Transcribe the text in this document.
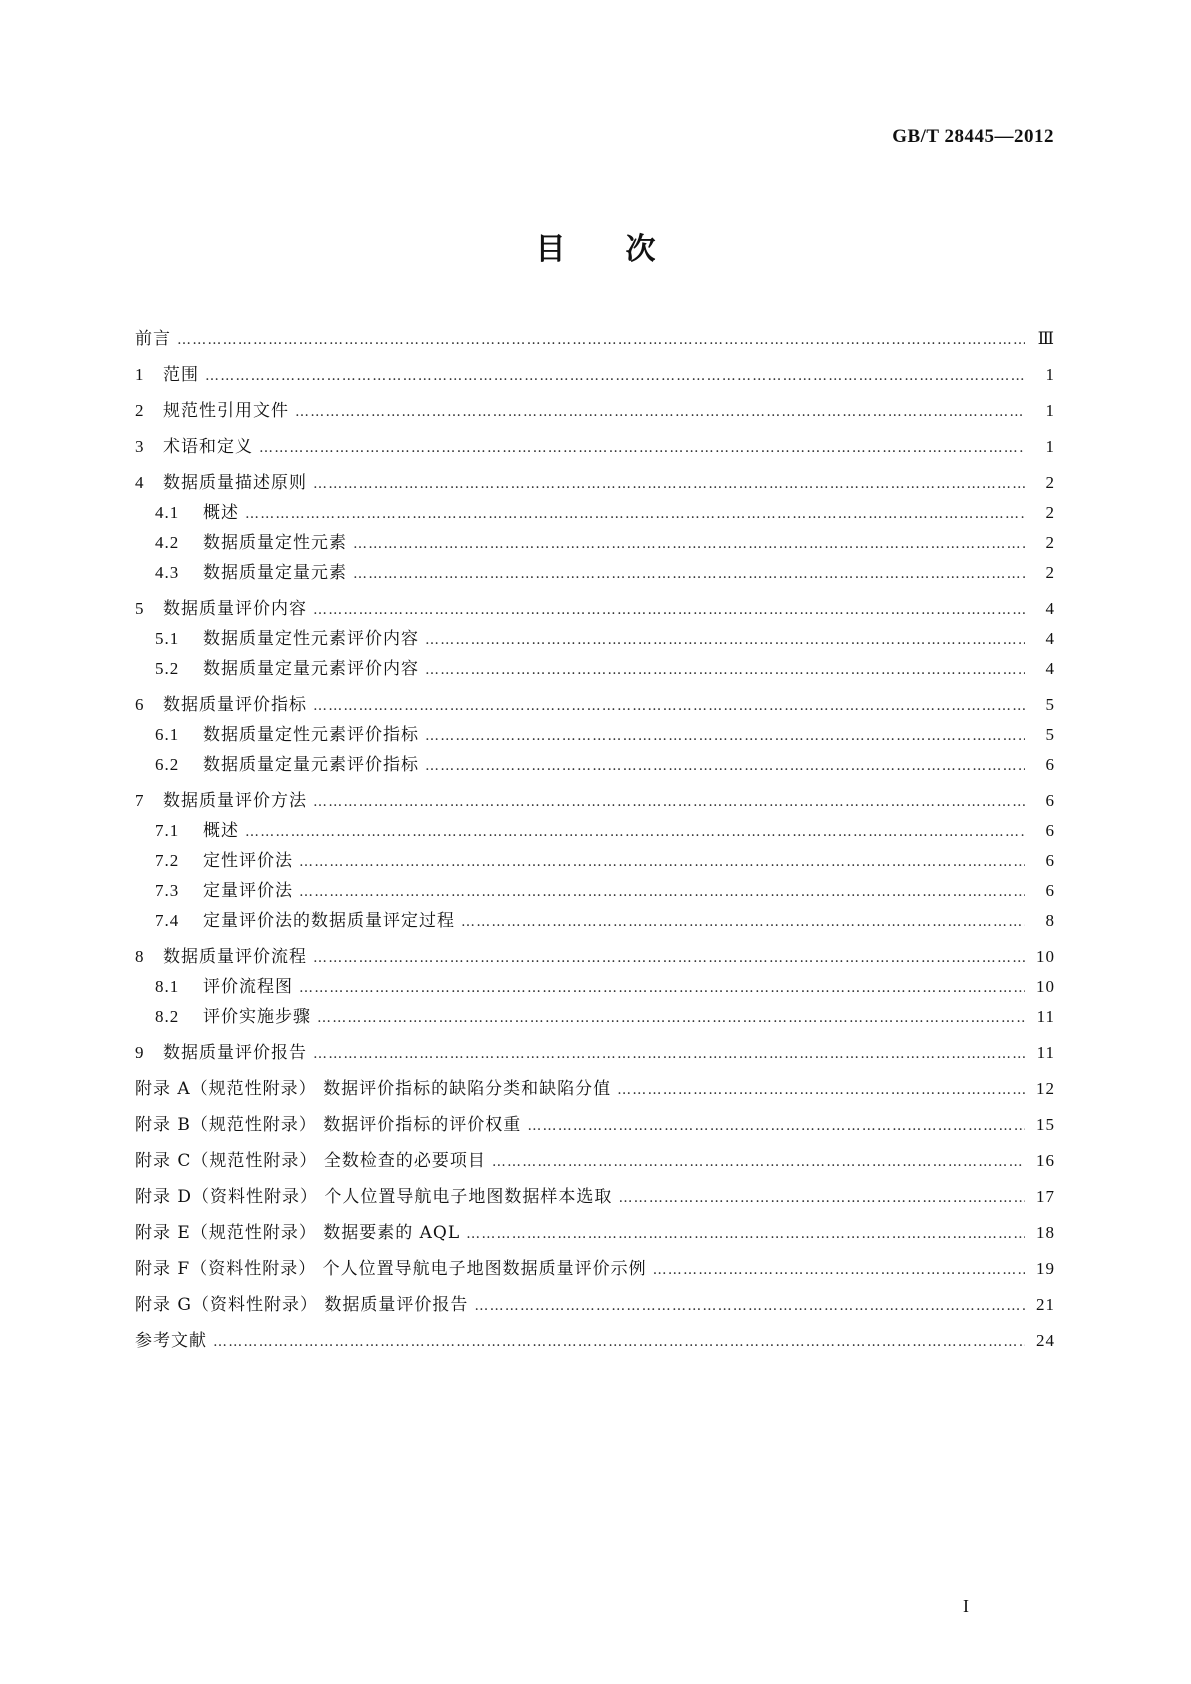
GB/T 28445—2012
目次
前言 ……………………………………………………………………………………………………………………………………………………	Ⅲ
1	范围 ……………………………………………………………………………………………………………………………………………………	1
2	规范性引用文件 ……………………………………………………………………………………………………………………………………………………	1
3	术语和定义 ……………………………………………………………………………………………………………………………………………………	1
4	数据质量描述原则 ……………………………………………………………………………………………………………………………………………………	2
4.1	概述 ……………………………………………………………………………………………………………………………………………………	2
4.2	数据质量定性元素 ……………………………………………………………………………………………………………………………………………………	2
4.3	数据质量定量元素 ……………………………………………………………………………………………………………………………………………………	2
5	数据质量评价内容 ……………………………………………………………………………………………………………………………………………………	4
5.1	数据质量定性元素评价内容 ……………………………………………………………………………………………………………………………………………………	4
5.2	数据质量定量元素评价内容 ……………………………………………………………………………………………………………………………………………………	4
6	数据质量评价指标 ……………………………………………………………………………………………………………………………………………………	5
6.1	数据质量定性元素评价指标 ……………………………………………………………………………………………………………………………………………………	5
6.2	数据质量定量元素评价指标 ……………………………………………………………………………………………………………………………………………………	6
7	数据质量评价方法 ……………………………………………………………………………………………………………………………………………………	6
7.1	概述 ……………………………………………………………………………………………………………………………………………………	6
7.2	定性评价法 ……………………………………………………………………………………………………………………………………………………	6
7.3	定量评价法 ……………………………………………………………………………………………………………………………………………………	6
7.4	定量评价法的数据质量评定过程 ……………………………………………………………………………………………………………………………………………………	8
8	数据质量评价流程 ……………………………………………………………………………………………………………………………………………………	10
8.1	评价流程图 ……………………………………………………………………………………………………………………………………………………	10
8.2	评价实施步骤 ……………………………………………………………………………………………………………………………………………………	11
9	数据质量评价报告 ……………………………………………………………………………………………………………………………………………………	11
附录 A（规范性附录） 数据评价指标的缺陷分类和缺陷分值 ……………………………………………………………………………………………………………………………………………………	12
附录 B（规范性附录） 数据评价指标的评价权重 ……………………………………………………………………………………………………………………………………………………	15
附录 C（规范性附录） 全数检查的必要项目 ……………………………………………………………………………………………………………………………………………………	16
附录 D（资料性附录） 个人位置导航电子地图数据样本选取 ……………………………………………………………………………………………………………………………………………………	17
附录 E（规范性附录） 数据要素的 AQL ……………………………………………………………………………………………………………………………………………………	18
附录 F（资料性附录） 个人位置导航电子地图数据质量评价示例 ……………………………………………………………………………………………………………………………………………………	19
附录 G（资料性附录） 数据质量评价报告 ……………………………………………………………………………………………………………………………………………………	21
参考文献 ……………………………………………………………………………………………………………………………………………………	24
I
